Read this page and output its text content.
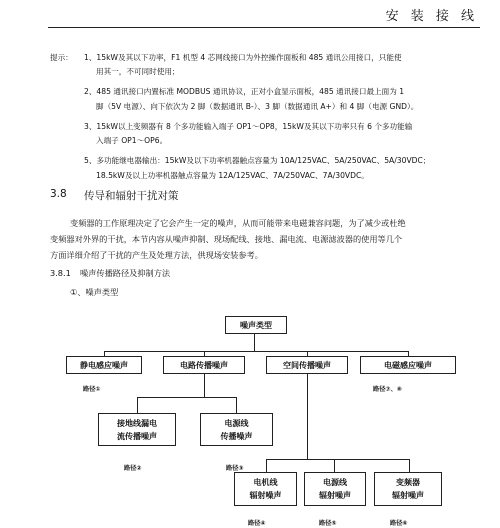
安 装 接 线
提示： 1、15kW及其以下功率，F1 机型 4 芯网线接口为外控操作面板和 485 通讯公用接口，只能使
用其一，不可同时使用；
2、485 通讯接口内置标准 MODBUS 通讯协议，正对小盒显示面板，485 通讯接口最上面为 1
脚（5V 电源）、向下依次为 2 脚（数据通讯 B-）、3 脚（数据通讯 A+）和 4 脚（电源 GND）。
3、15kW以上变频器有 8 个多功能输入端子 OP1～OP8，15kW及其以下功率只有 6 个多功能输
入端子 OP1～OP6。
5、多功能继电器输出：15kW及以下功率机器触点容量为 10A/125VAC、5A/250VAC、5A/30VDC；
18.5kW及以上功率机器触点容量为 12A/125VAC、7A/250VAC、7A/30VDC。
3.8 传导和辐射干扰对策
变频器的工作原理决定了它会产生一定的噪声，从而可能带来电磁兼容问题，为了减少或杜绝
变频器对外界的干扰，本节内容从噪声抑制、现场配线、接地、漏电流、电源滤波器的使用等几个
方面详细介绍了干扰的产生及处理方法，供现场安装参考。
3.8.1 噪声传播路径及抑制方法
①、噪声类型
噪声类型
静电感应噪声	电路传播噪声	空间传播噪声	电磁感应噪声
路径①	路径⑦、⑧
接地线漏电
流传播噪声
电源线
传播噪声
路径②	路径③
电机线
辐射噪声
电源线
辐射噪声
变频器
辐射噪声
路径④	路径⑤	路径⑥
